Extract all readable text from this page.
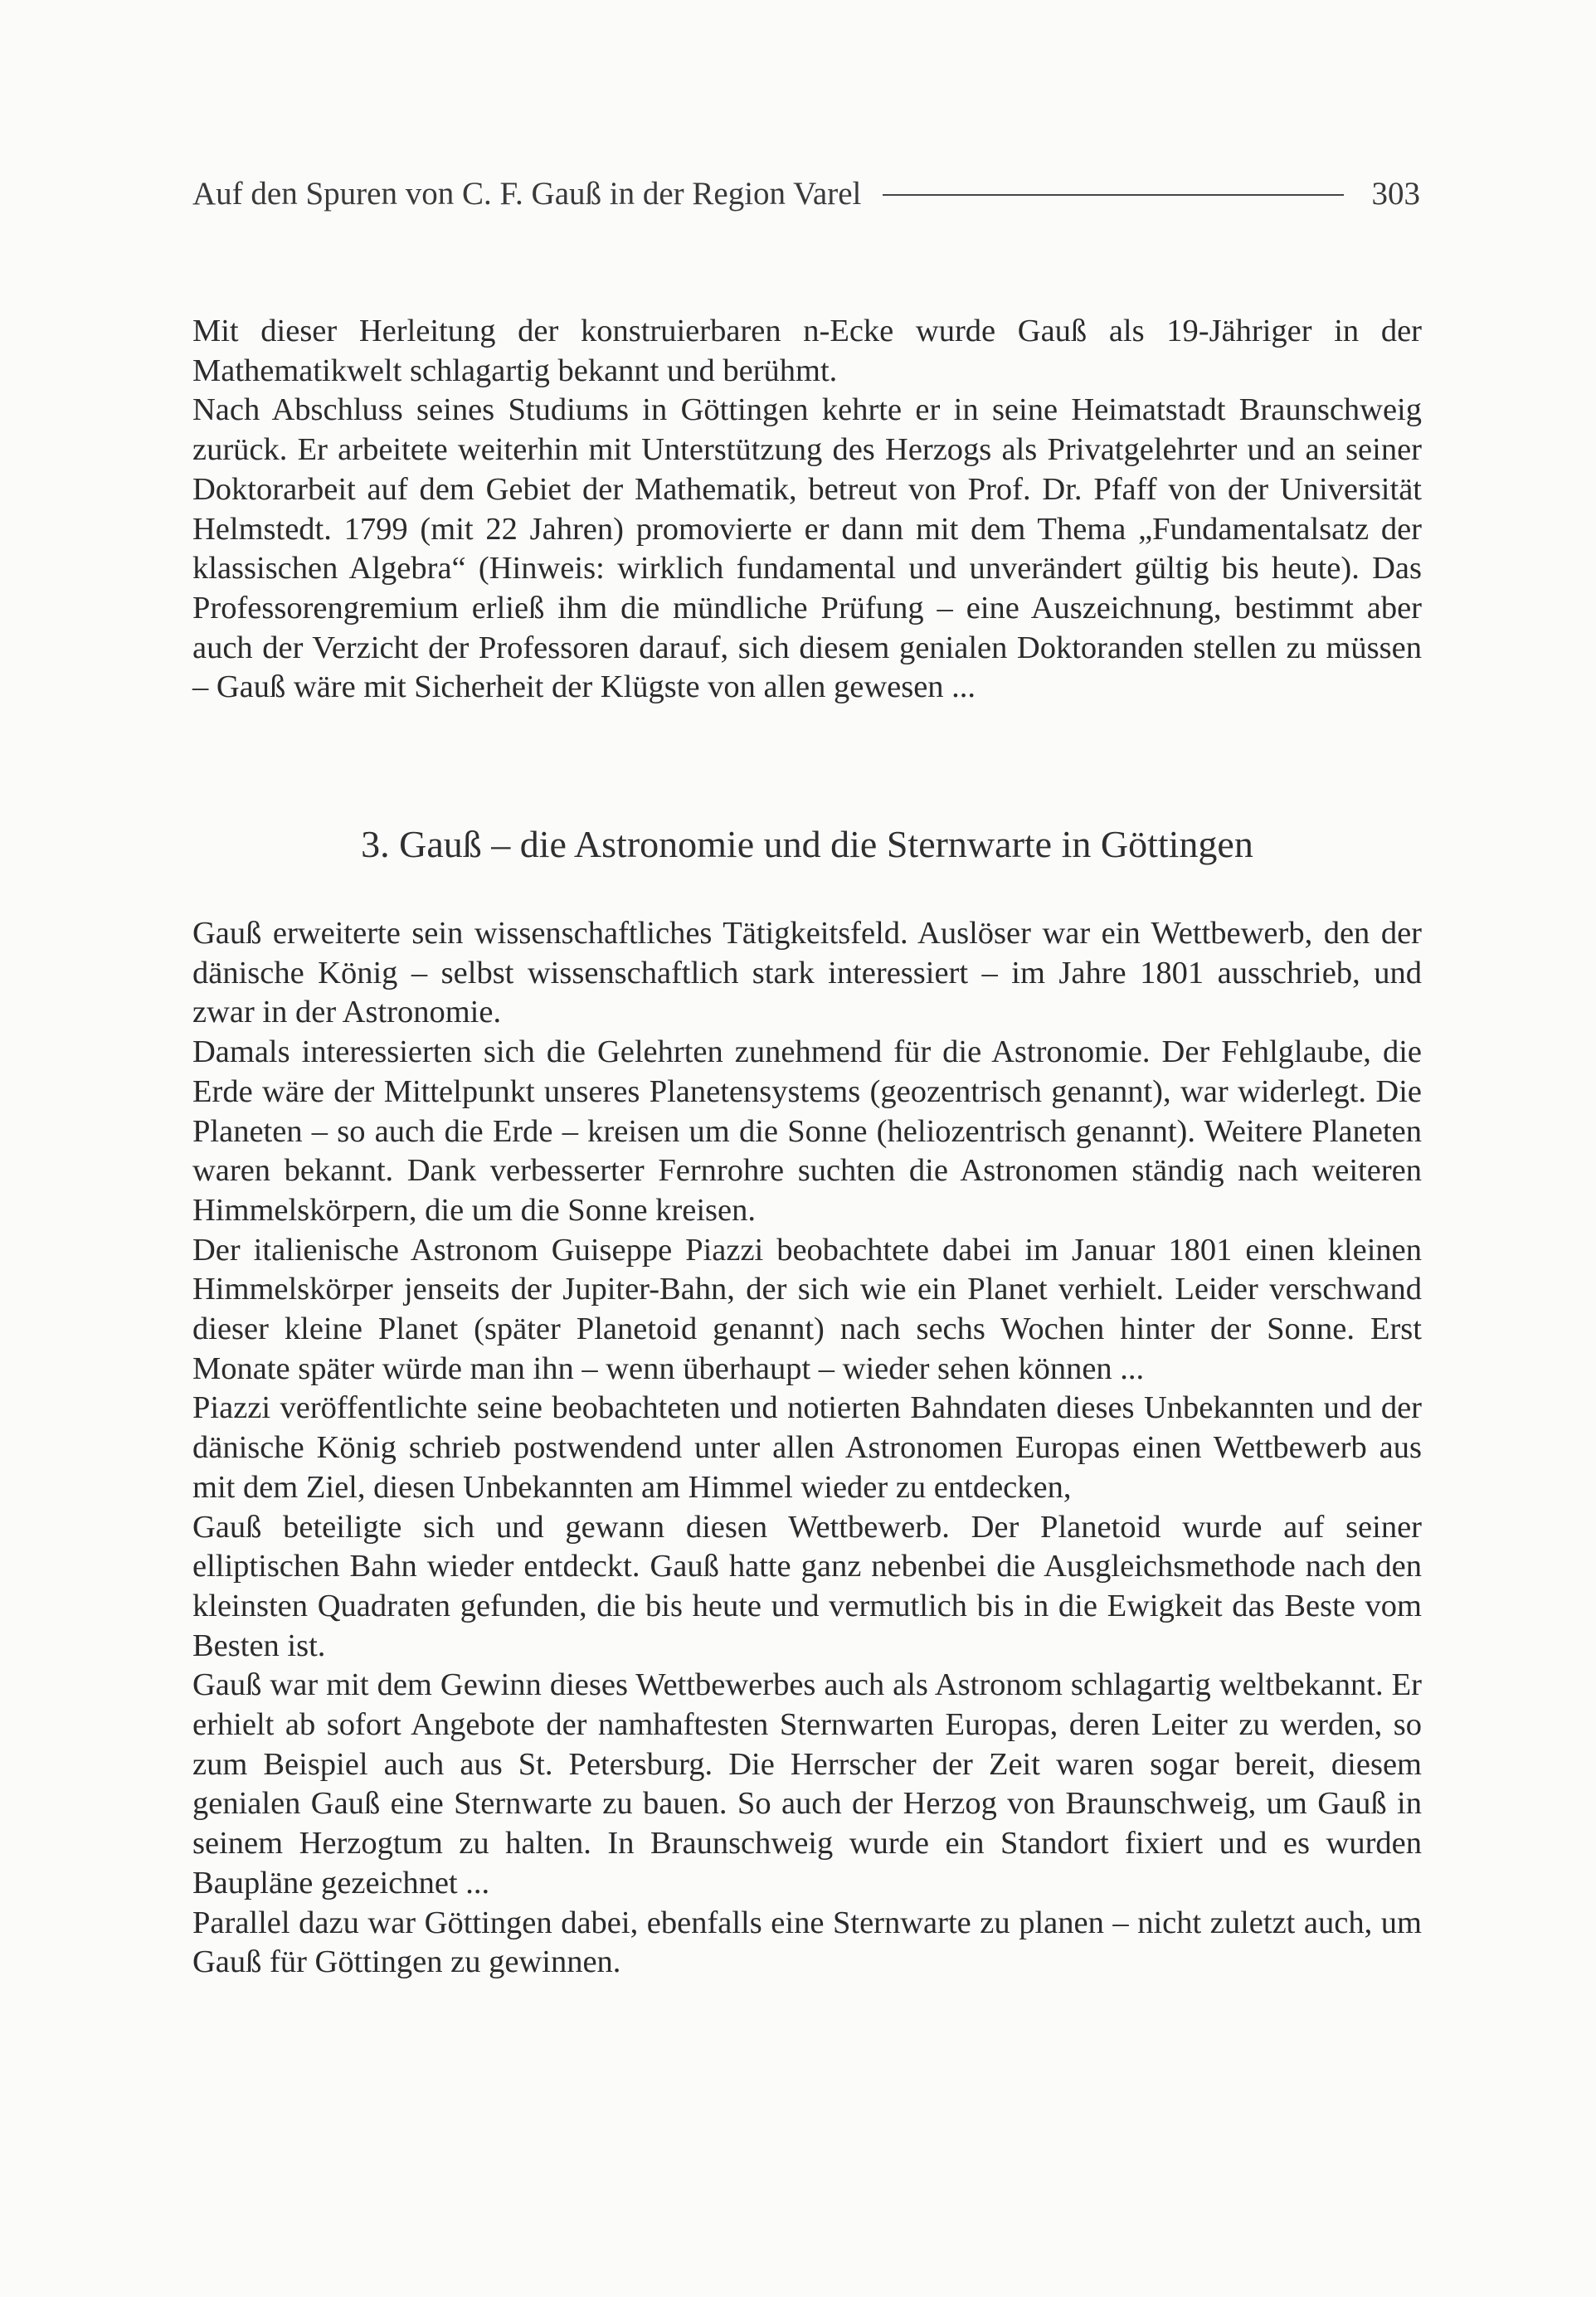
Auf den Spuren von C. F. Gauß in der Region Varel	303

Mit dieser Herleitung der konstruierbaren n-Ecke wurde Gauß als 19-Jähriger in der Mathematikwelt schlagartig bekannt und berühmt.

Nach Abschluss seines Studiums in Göttingen kehrte er in seine Heimatstadt Braunschweig zurück. Er arbeitete weiterhin mit Unterstützung des Herzogs als Privatgelehrter und an seiner Doktorarbeit auf dem Gebiet der Mathematik, betreut von Prof. Dr. Pfaff von der Universität Helmstedt. 1799 (mit 22 Jahren) promovierte er dann mit dem Thema „Fundamentalsatz der klassischen Algebra“ (Hinweis: wirklich fundamental und unverändert gültig bis heute). Das Professorengremium erließ ihm die mündliche Prüfung – eine Auszeichnung, bestimmt aber auch der Verzicht der Professoren darauf, sich diesem genialen Doktoranden stellen zu müssen – Gauß wäre mit Sicherheit der Klügste von allen gewesen ...

3. Gauß – die Astronomie und die Sternwarte in Göttingen

Gauß erweiterte sein wissenschaftliches Tätigkeitsfeld. Auslöser war ein Wettbewerb, den der dänische König – selbst wissenschaftlich stark interessiert – im Jahre 1801 ausschrieb, und zwar in der Astronomie.

Damals interessierten sich die Gelehrten zunehmend für die Astronomie. Der Fehlglaube, die Erde wäre der Mittelpunkt unseres Planetensystems (geozentrisch genannt), war widerlegt. Die Planeten – so auch die Erde – kreisen um die Sonne (heliozentrisch genannt). Weitere Planeten waren bekannt. Dank verbesserter Fernrohre suchten die Astronomen ständig nach weiteren Himmelskörpern, die um die Sonne kreisen.

Der italienische Astronom Guiseppe Piazzi beobachtete dabei im Januar 1801 einen kleinen Himmelskörper jenseits der Jupiter-Bahn, der sich wie ein Planet verhielt. Leider verschwand dieser kleine Planet (später Planetoid genannt) nach sechs Wochen hinter der Sonne. Erst Monate später würde man ihn – wenn überhaupt – wieder sehen können ...

Piazzi veröffentlichte seine beobachteten und notierten Bahndaten dieses Unbekannten und der dänische König schrieb postwendend unter allen Astronomen Europas einen Wettbewerb aus mit dem Ziel, diesen Unbekannten am Himmel wieder zu entdecken,

Gauß beteiligte sich und gewann diesen Wettbewerb. Der Planetoid wurde auf seiner elliptischen Bahn wieder entdeckt. Gauß hatte ganz nebenbei die Ausgleichsmethode nach den kleinsten Quadraten gefunden, die bis heute und vermutlich bis in die Ewigkeit das Beste vom Besten ist.

Gauß war mit dem Gewinn dieses Wettbewerbes auch als Astronom schlagartig weltbekannt. Er erhielt ab sofort Angebote der namhaftesten Sternwarten Europas, deren Leiter zu werden, so zum Beispiel auch aus St. Petersburg. Die Herrscher der Zeit waren sogar bereit, diesem genialen Gauß eine Sternwarte zu bauen. So auch der Herzog von Braunschweig, um Gauß in seinem Herzogtum zu halten. In Braunschweig wurde ein Standort fixiert und es wurden Baupläne gezeichnet ...

Parallel dazu war Göttingen dabei, ebenfalls eine Sternwarte zu planen – nicht zuletzt auch, um Gauß für Göttingen zu gewinnen.
